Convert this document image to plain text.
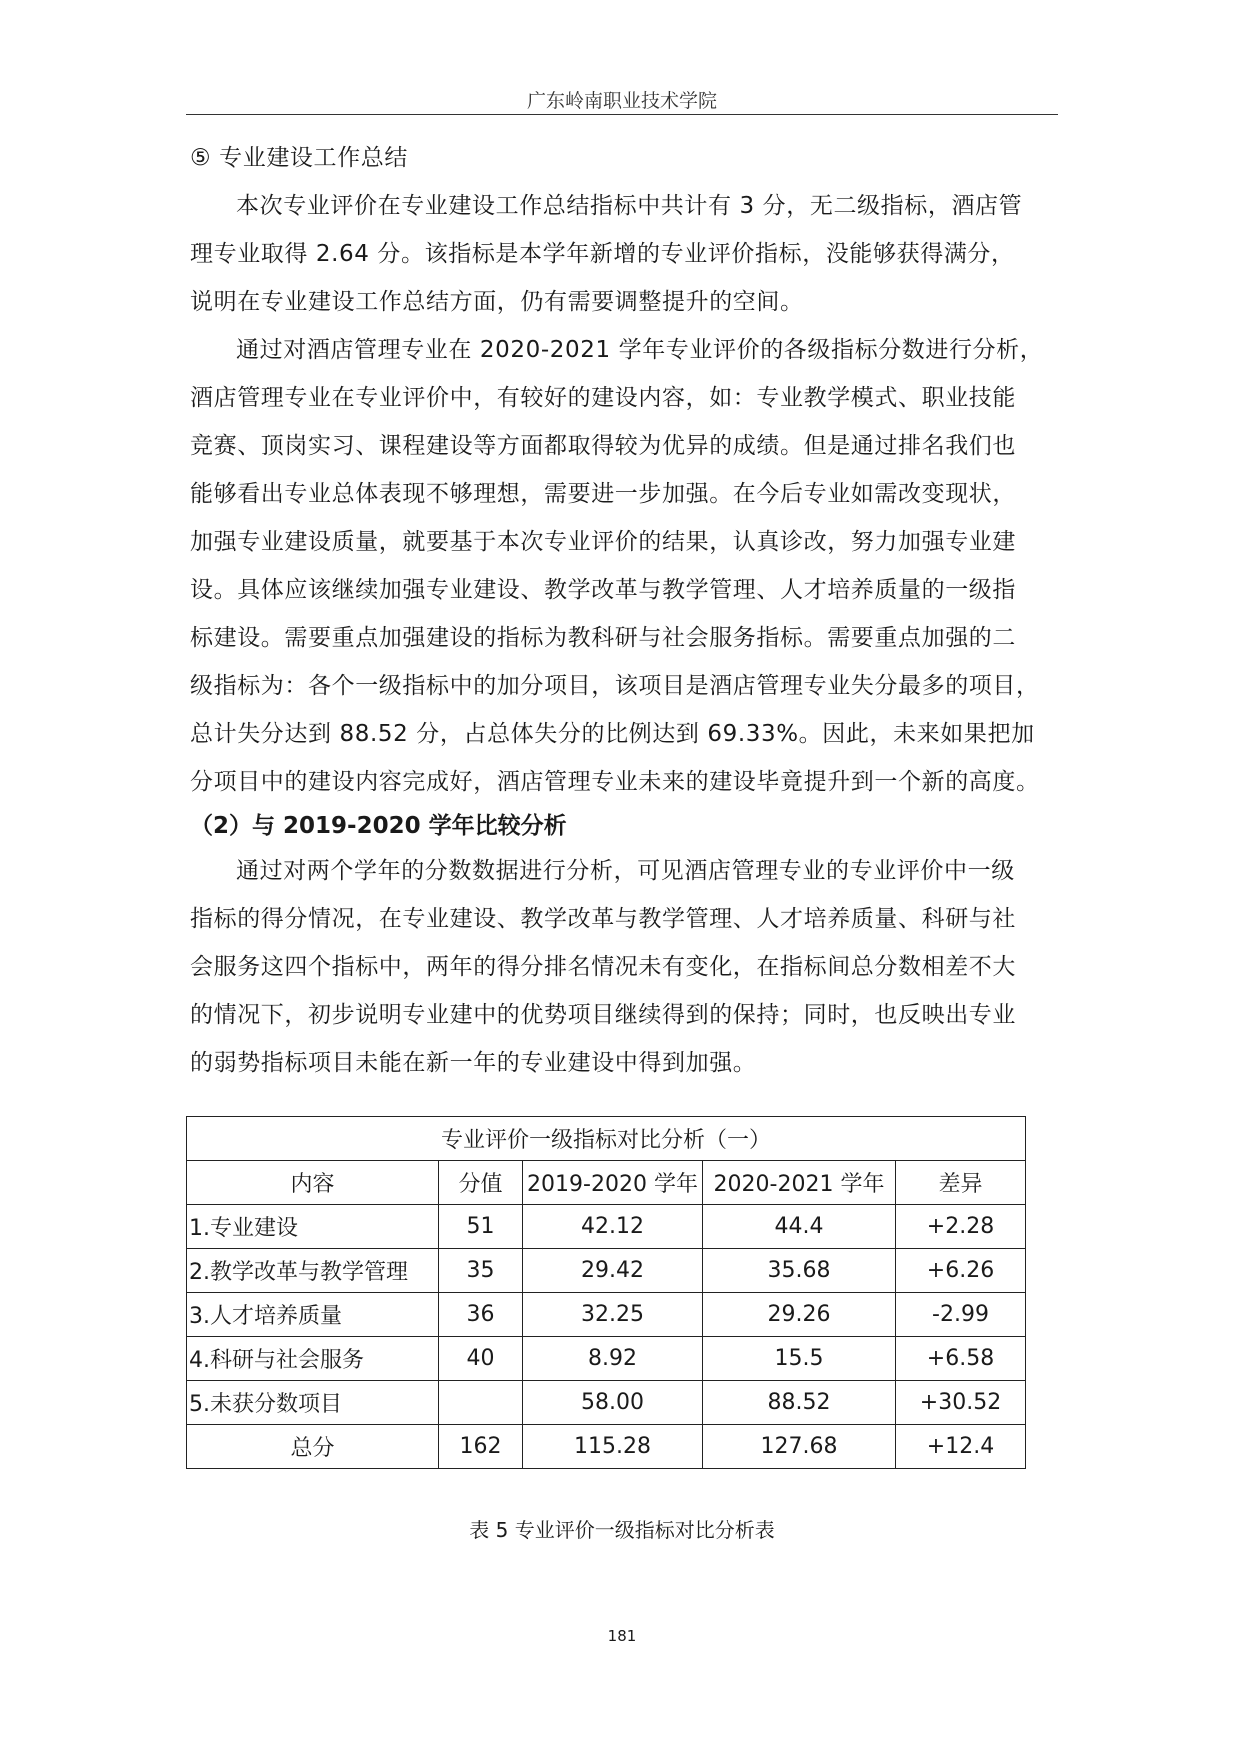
广东岭南职业技术学院
⑤ 专业建设工作总结
本次专业评价在专业建设工作总结指标中共计有 3 分，无二级指标，酒店管
理专业取得 2.64 分。该指标是本学年新增的专业评价指标，没能够获得满分，
说明在专业建设工作总结方面，仍有需要调整提升的空间。
通过对酒店管理专业在 2020-2021 学年专业评价的各级指标分数进行分析，
酒店管理专业在专业评价中，有较好的建设内容，如：专业教学模式、职业技能
竞赛、顶岗实习、课程建设等方面都取得较为优异的成绩。但是通过排名我们也
能够看出专业总体表现不够理想，需要进一步加强。在今后专业如需改变现状，
加强专业建设质量，就要基于本次专业评价的结果，认真诊改，努力加强专业建
设。具体应该继续加强专业建设、教学改革与教学管理、人才培养质量的一级指
标建设。需要重点加强建设的指标为教科研与社会服务指标。需要重点加强的二
级指标为：各个一级指标中的加分项目，该项目是酒店管理专业失分最多的项目，
总计失分达到 88.52 分，占总体失分的比例达到 69.33%。因此，未来如果把加
分项目中的建设内容完成好，酒店管理专业未来的建设毕竟提升到一个新的高度。
（2）与 2019-2020 学年比较分析
通过对两个学年的分数数据进行分析，可见酒店管理专业的专业评价中一级
指标的得分情况，在专业建设、教学改革与教学管理、人才培养质量、科研与社
会服务这四个指标中，两年的得分排名情况未有变化，在指标间总分数相差不大
的情况下，初步说明专业建中的优势项目继续得到的保持；同时，也反映出专业
的弱势指标项目未能在新一年的专业建设中得到加强。
专业评价一级指标对比分析（一）				
内容	分值	2019-2020 学年	2020-2021 学年	差异
1.专业建设	51	42.12	44.4	+2.28
2.教学改革与教学管理	35	29.42	35.68	+6.26
3.人才培养质量	36	32.25	29.26	-2.99
4.科研与社会服务	40	8.92	15.5	+6.58
5.未获分数项目		58.00	88.52	+30.52
总分	162	115.28	127.68	+12.4
表 5 专业评价一级指标对比分析表
181
